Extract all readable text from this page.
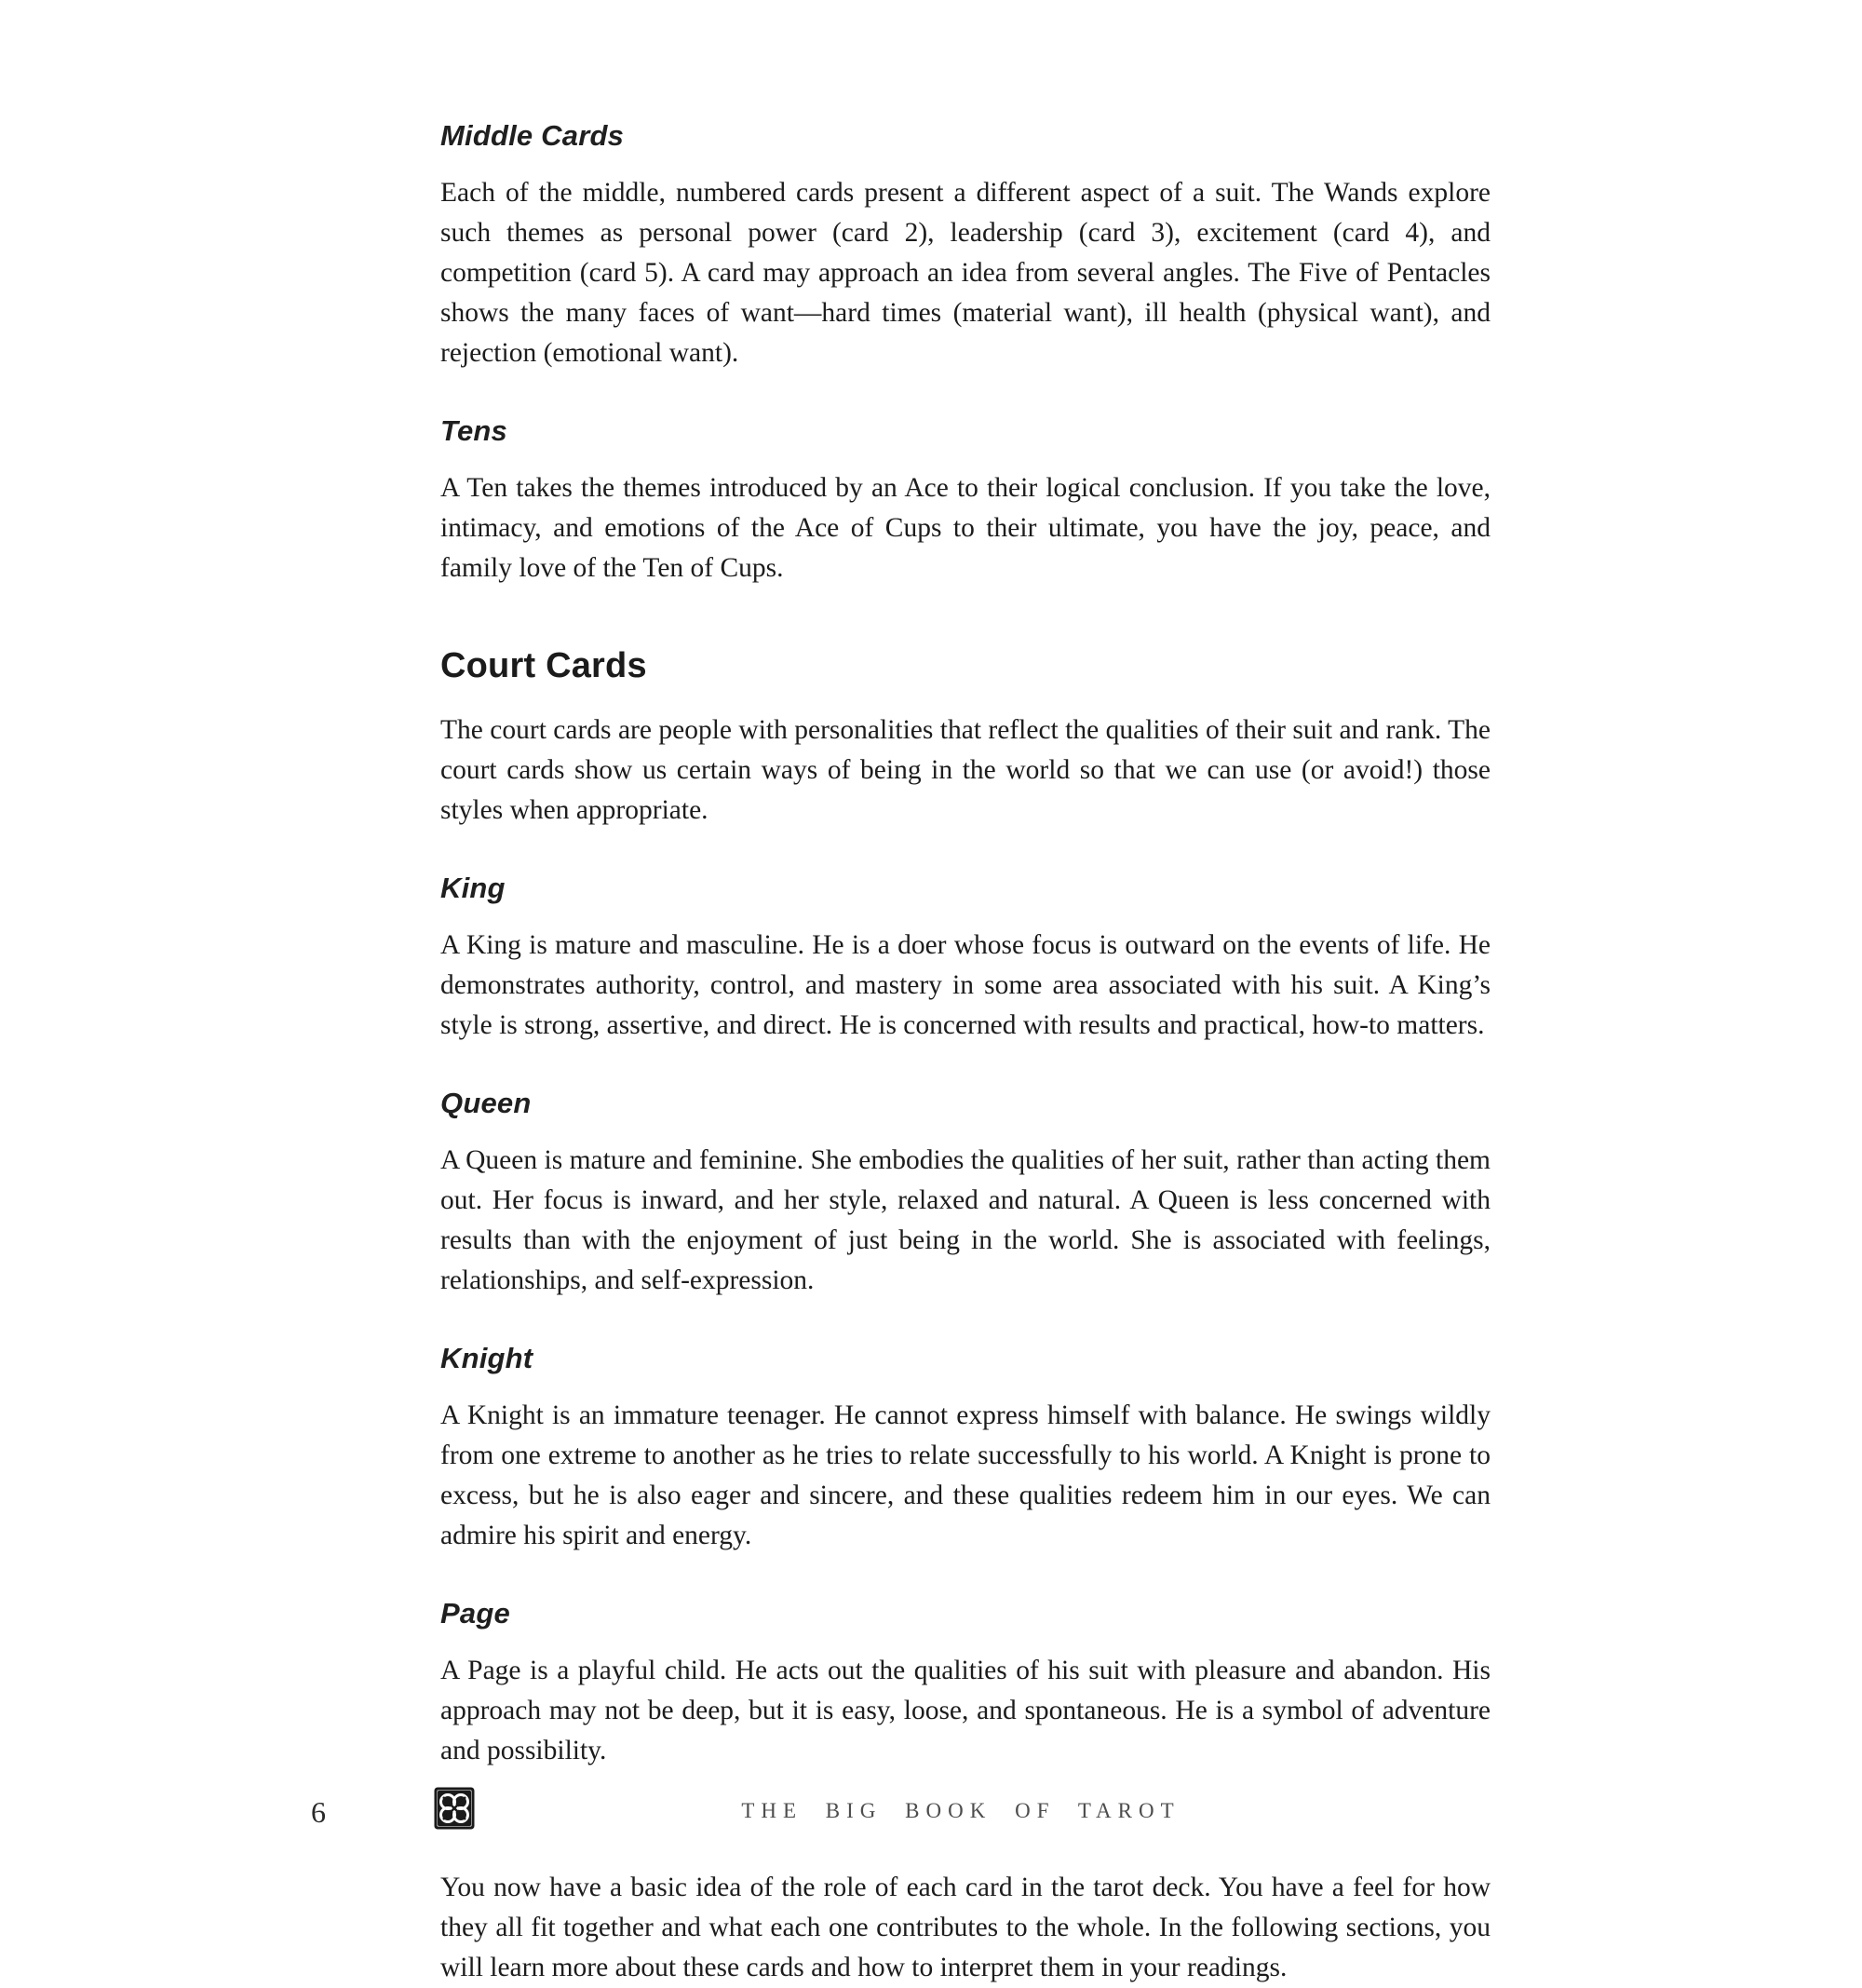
Middle Cards

Each of the middle, numbered cards present a different aspect of a suit. The Wands explore such themes as personal power (card 2), leadership (card 3), excitement (card 4), and competition (card 5). A card may approach an idea from several angles. The Five of Pentacles shows the many faces of want—hard times (material want), ill health (physical want), and rejection (emotional want).

Tens

A Ten takes the themes introduced by an Ace to their logical conclusion. If you take the love, intimacy, and emotions of the Ace of Cups to their ultimate, you have the joy, peace, and family love of the Ten of Cups.

Court Cards

The court cards are people with personalities that reflect the qualities of their suit and rank. The court cards show us certain ways of being in the world so that we can use (or avoid!) those styles when appropriate.

King

A King is mature and masculine. He is a doer whose focus is outward on the events of life. He demonstrates authority, control, and mastery in some area associated with his suit. A King’s style is strong, assertive, and direct. He is concerned with results and practical, how-to matters.

Queen

A Queen is mature and feminine. She embodies the qualities of her suit, rather than acting them out. Her focus is inward, and her style, relaxed and natural. A Queen is less concerned with results than with the enjoyment of just being in the world. She is associated with feelings, relationships, and self-expression.

Knight

A Knight is an immature teenager. He cannot express himself with balance. He swings wildly from one extreme to another as he tries to relate successfully to his world. A Knight is prone to excess, but he is also eager and sincere, and these qualities redeem him in our eyes. We can admire his spirit and energy.

Page

A Page is a playful child. He acts out the qualities of his suit with pleasure and abandon. His approach may not be deep, but it is easy, loose, and spontaneous. He is a symbol of adventure and possibility.

You now have a basic idea of the role of each card in the tarot deck. You have a feel for how they all fit together and what each one contributes to the whole. In the following sections, you will learn more about these cards and how to interpret them in your readings.

6	THE BIG BOOK OF TAROT
